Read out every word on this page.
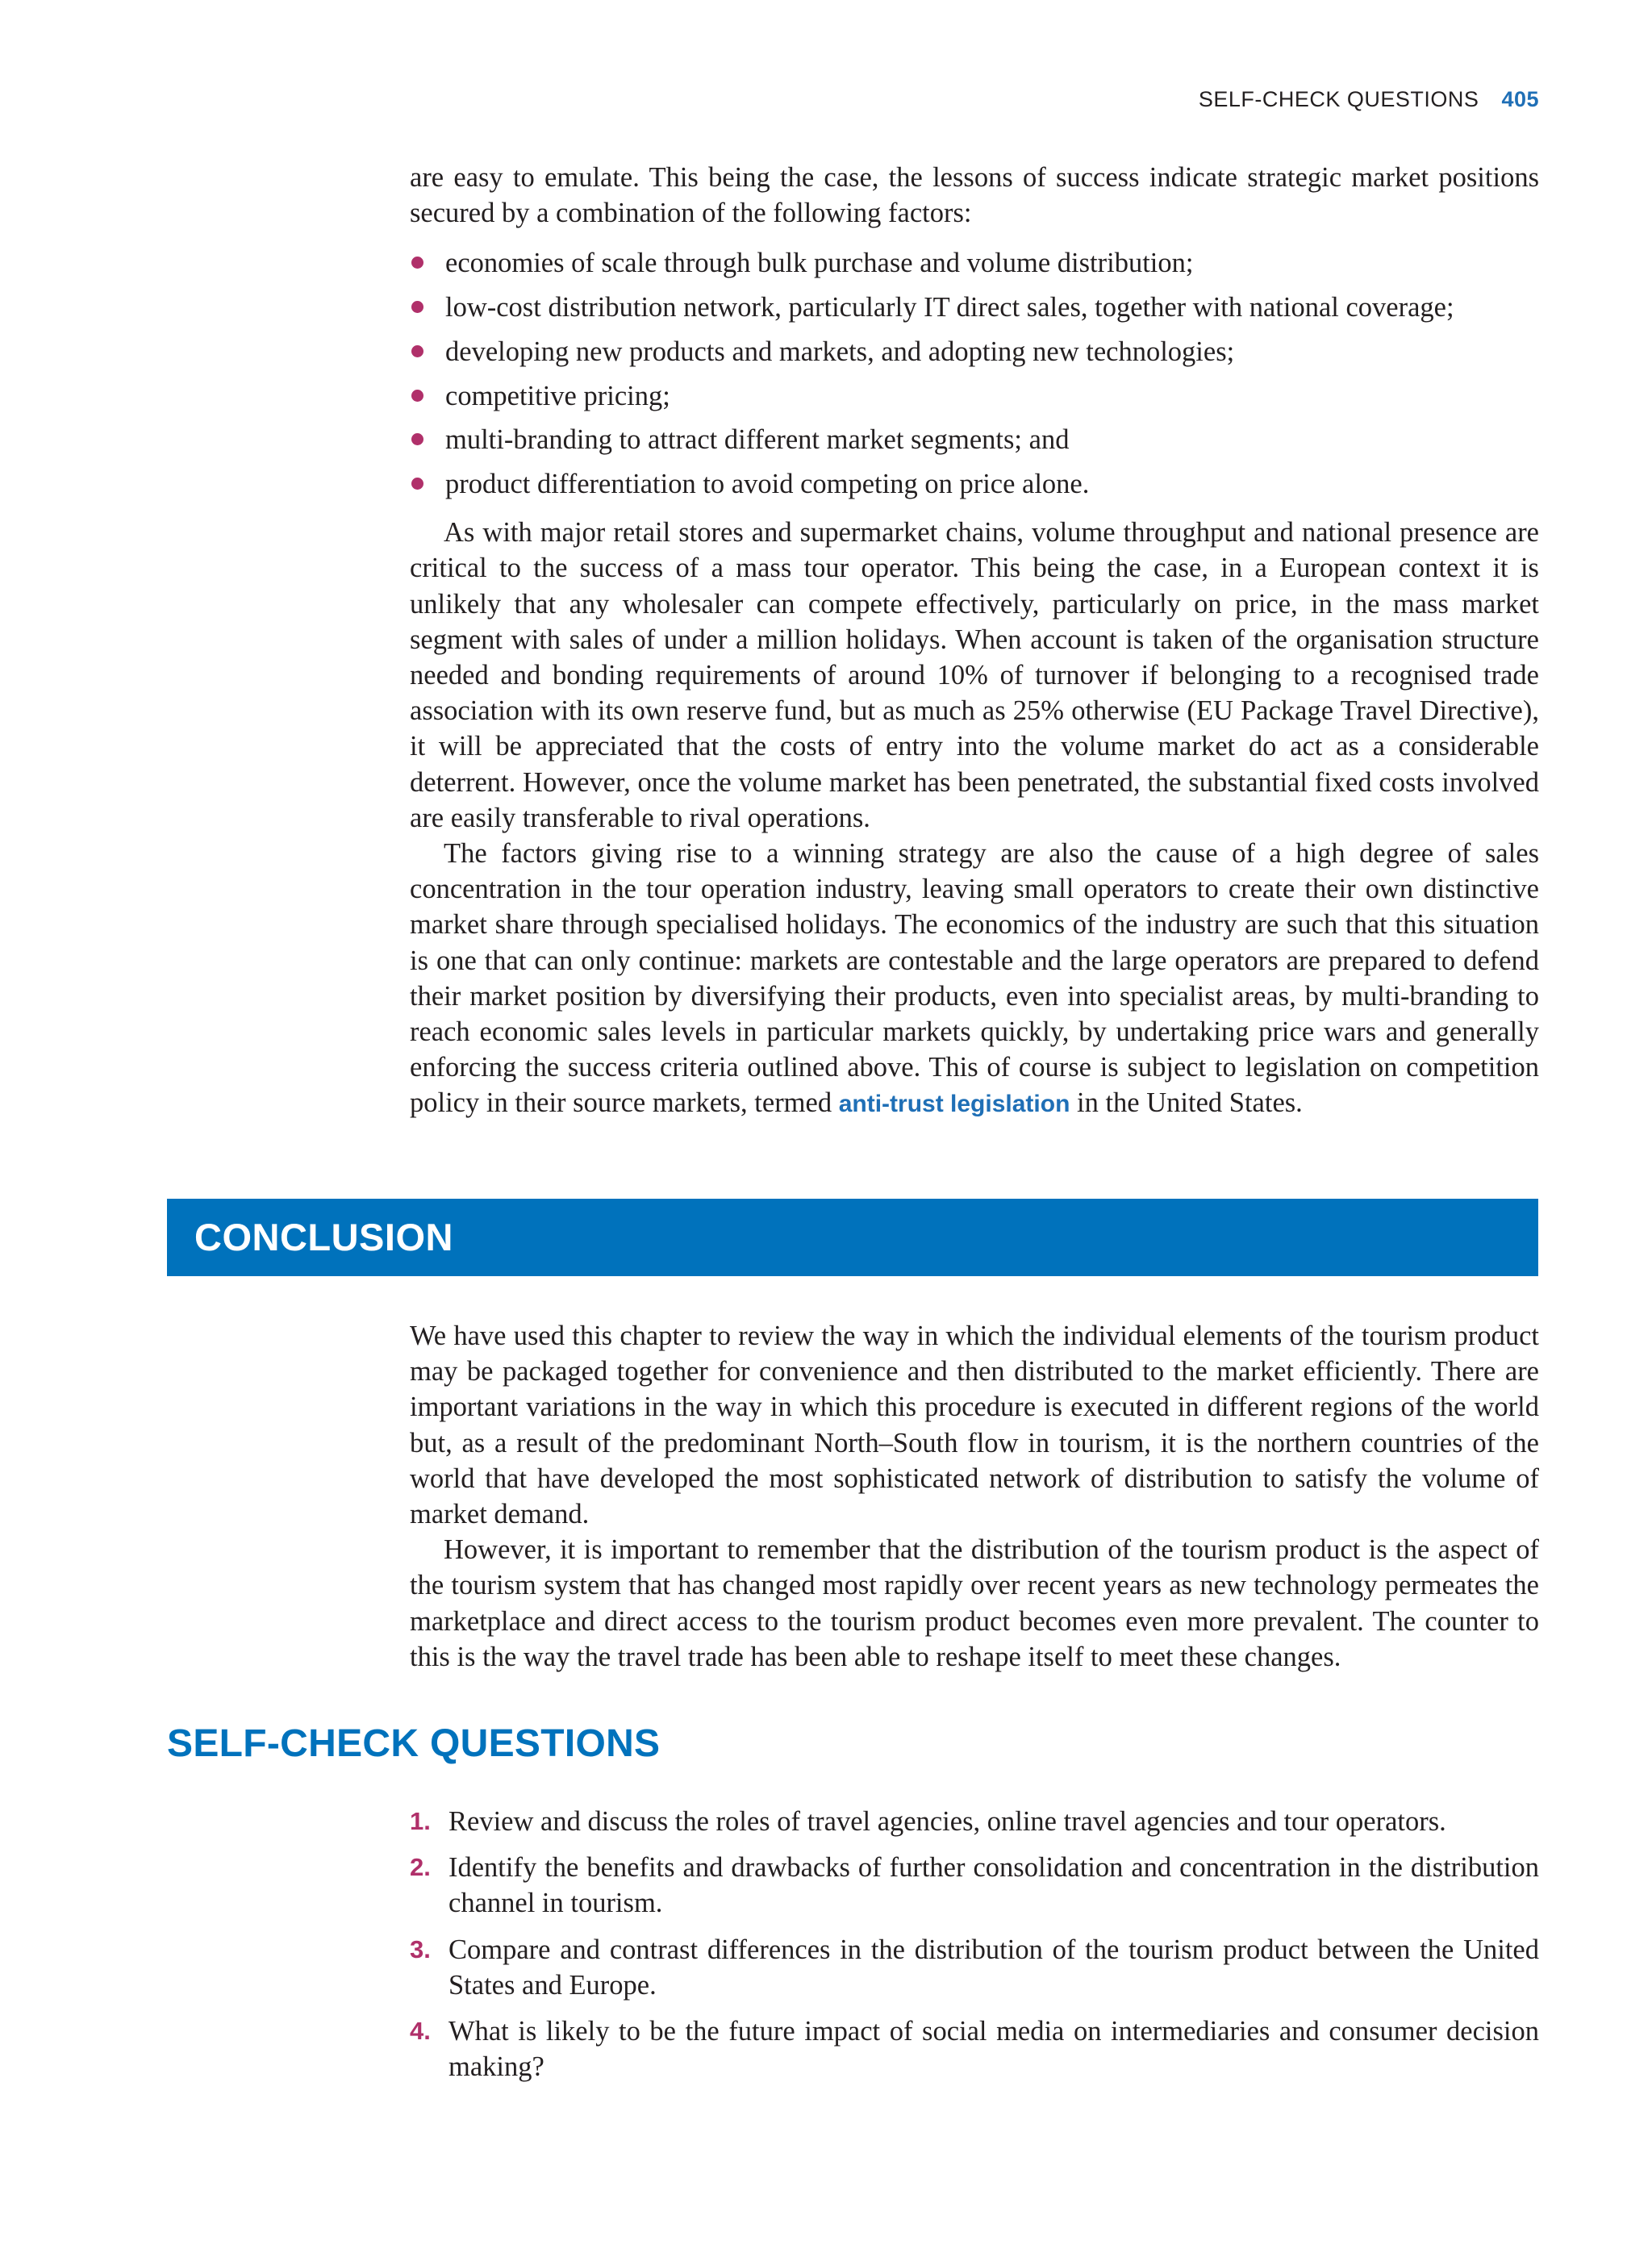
SELF-CHECK QUESTIONS 405

are easy to emulate. This being the case, the lessons of success indicate strategic market positions secured by a combination of the following factors:

economies of scale through bulk purchase and volume distribution;
low-cost distribution network, particularly IT direct sales, together with national coverage;
developing new products and markets, and adopting new technologies;
competitive pricing;
multi-branding to attract different market segments; and
product differentiation to avoid competing on price alone.

As with major retail stores and supermarket chains, volume throughput and national presence are critical to the success of a mass tour operator. This being the case, in a European context it is unlikely that any wholesaler can compete effectively, particularly on price, in the mass market segment with sales of under a million holidays. When account is taken of the organisation structure needed and bonding requirements of around 10% of turnover if belonging to a recognised trade association with its own reserve fund, but as much as 25% otherwise (EU Package Travel Directive), it will be appreciated that the costs of entry into the volume market do act as a considerable deterrent. However, once the volume market has been penetrated, the substantial fixed costs involved are easily transferable to rival operations.

The factors giving rise to a winning strategy are also the cause of a high degree of sales concentration in the tour operation industry, leaving small operators to create their own distinctive market share through specialised holidays. The economics of the industry are such that this situation is one that can only continue: markets are contestable and the large operators are prepared to defend their market position by diversifying their products, even into specialist areas, by multi-branding to reach economic sales levels in particular markets quickly, by undertaking price wars and generally enforcing the success criteria outlined above. This of course is subject to legislation on competition policy in their source markets, termed anti-trust legislation in the United States.

CONCLUSION

We have used this chapter to review the way in which the individual elements of the tourism product may be packaged together for convenience and then distributed to the market efficiently. There are important variations in the way in which this procedure is executed in different regions of the world but, as a result of the predominant North–South flow in tourism, it is the northern countries of the world that have developed the most sophisticated network of distribution to satisfy the volume of market demand.

However, it is important to remember that the distribution of the tourism product is the aspect of the tourism system that has changed most rapidly over recent years as new technology permeates the marketplace and direct access to the tourism product becomes even more prevalent. The counter to this is the way the travel trade has been able to reshape itself to meet these changes.

SELF-CHECK QUESTIONS
1. Review and discuss the roles of travel agencies, online travel agencies and tour operators.
2. Identify the benefits and drawbacks of further consolidation and concentration in the distribution channel in tourism.
3. Compare and contrast differences in the distribution of the tourism product between the United States and Europe.
4. What is likely to be the future impact of social media on intermediaries and consumer decision making?
